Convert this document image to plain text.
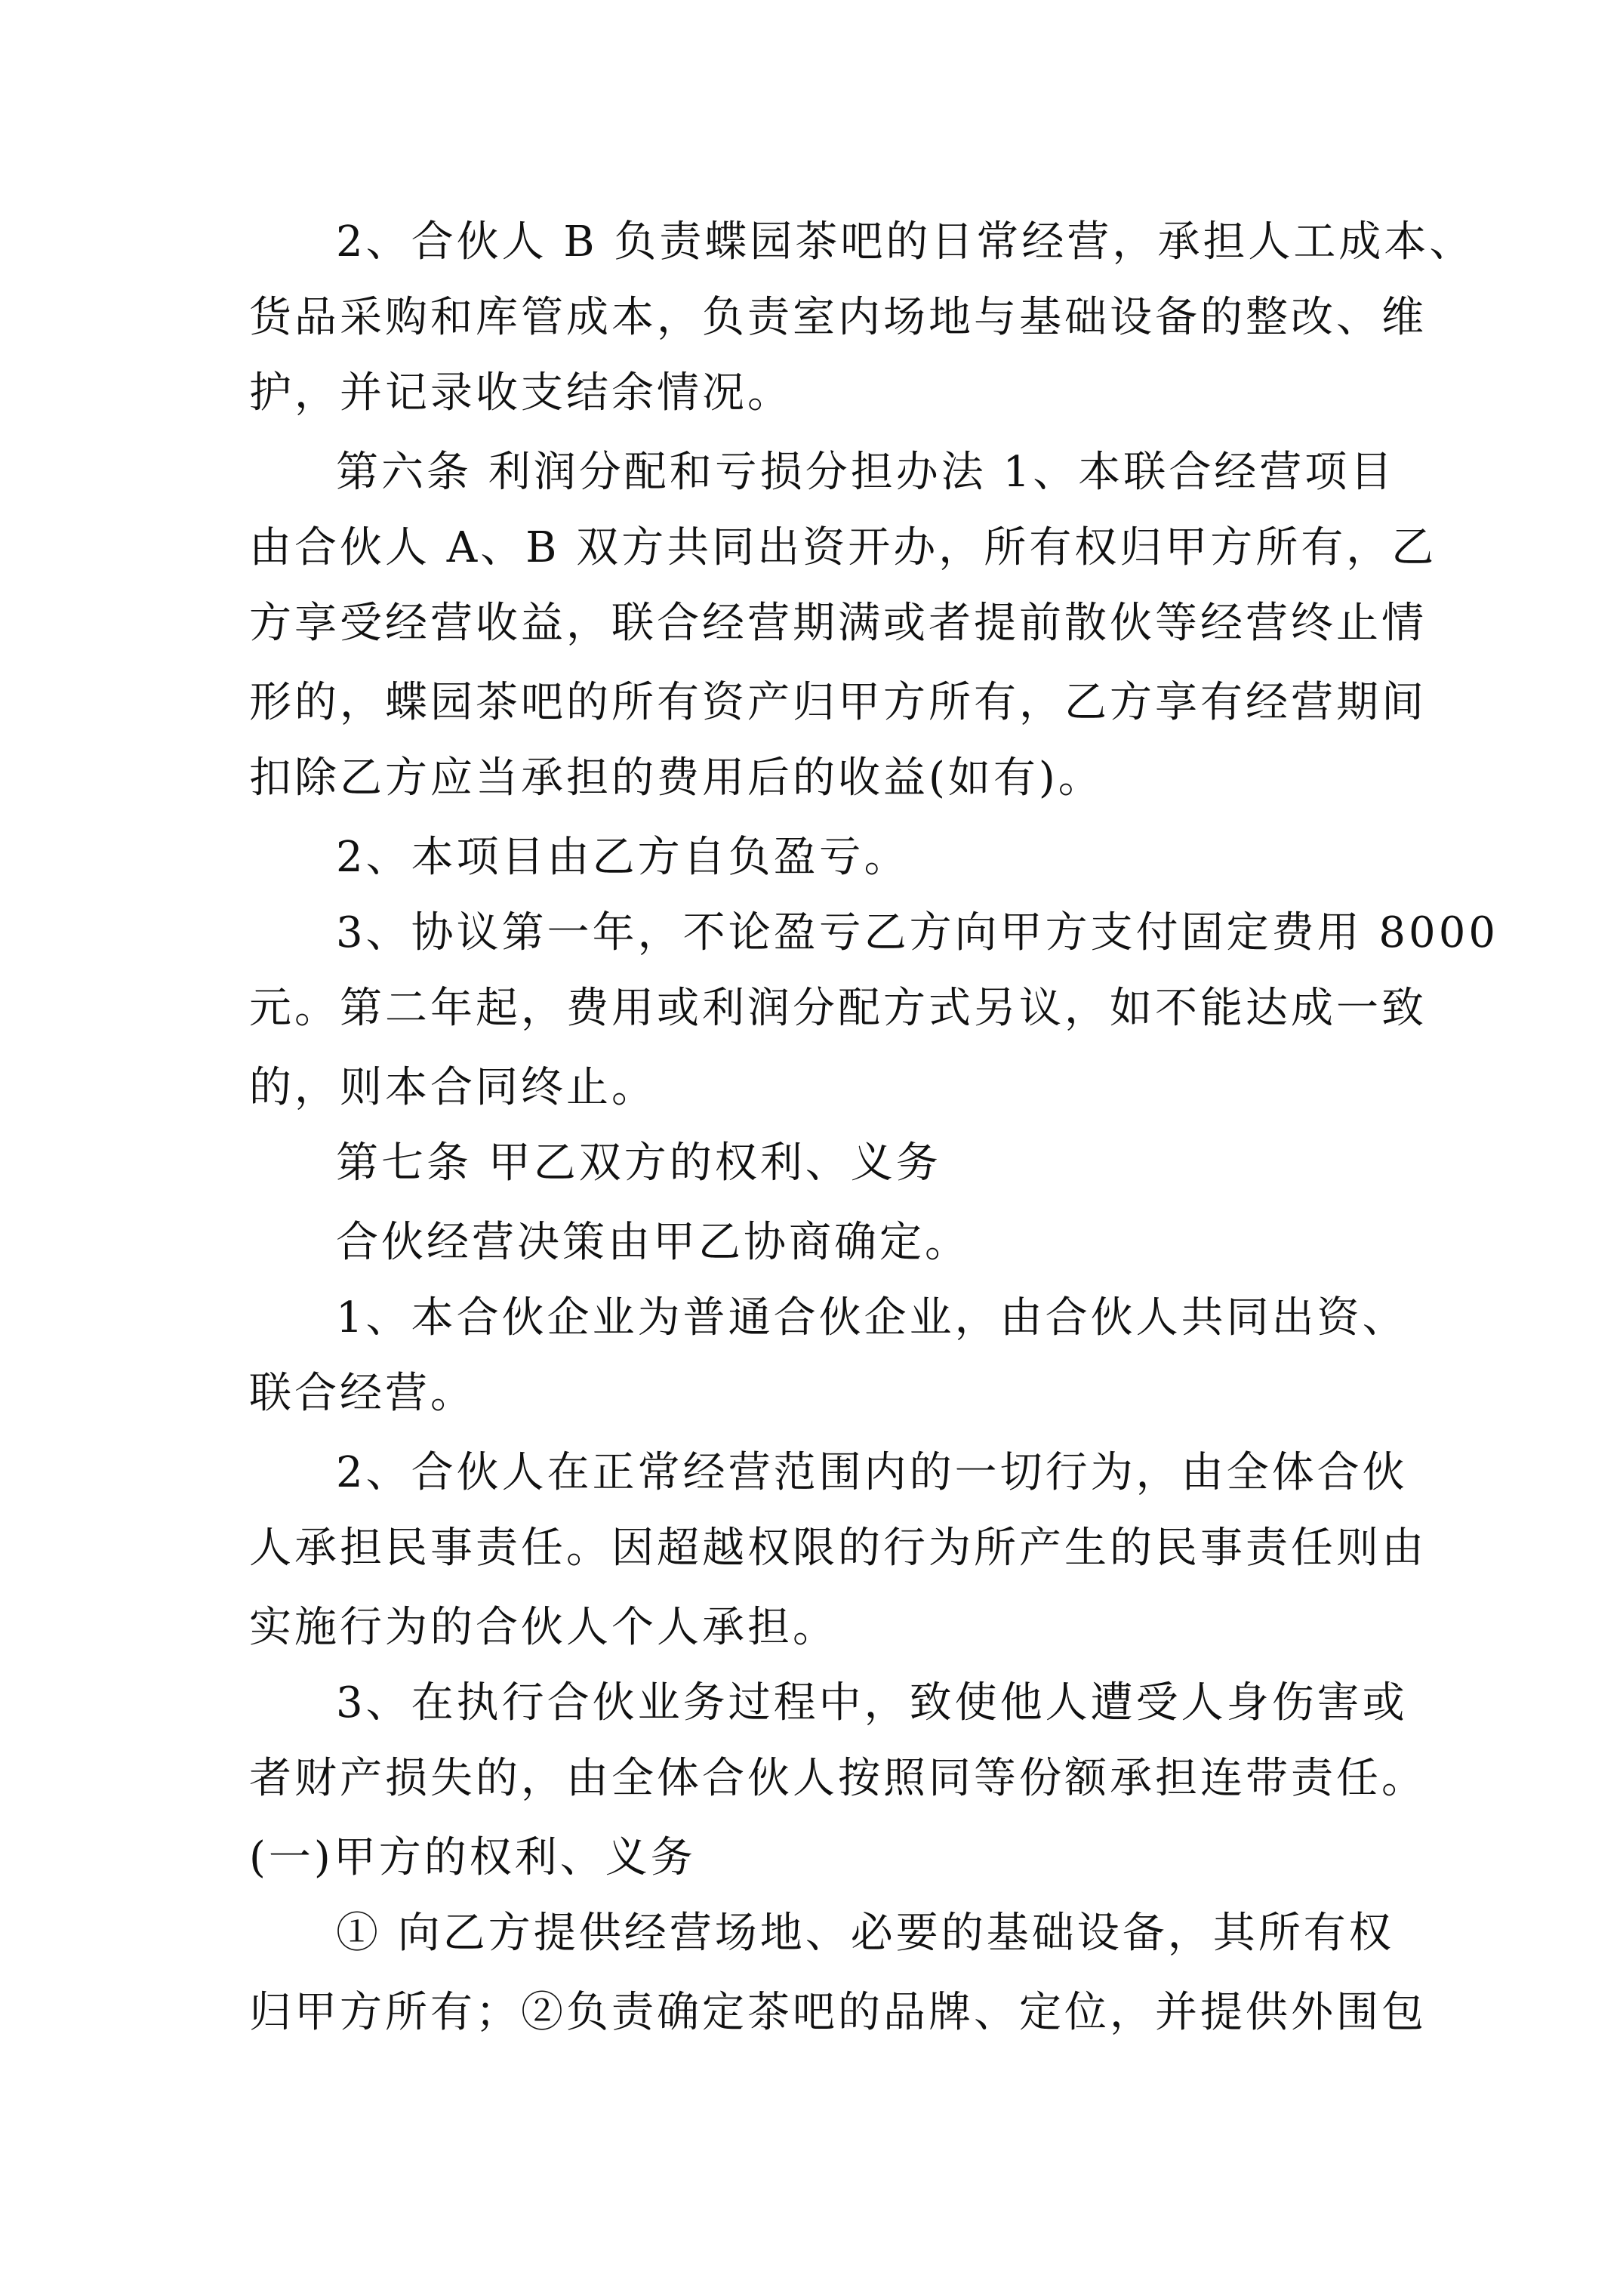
2、合伙人 B 负责蝶园茶吧的日常经营，承担人工成本、
货品采购和库管成本，负责室内场地与基础设备的整改、维
护，并记录收支结余情况。
第六条 利润分配和亏损分担办法 1、本联合经营项目
由合伙人 A、B 双方共同出资开办，所有权归甲方所有，乙
方享受经营收益，联合经营期满或者提前散伙等经营终止情
形的，蝶园茶吧的所有资产归甲方所有，乙方享有经营期间
扣除乙方应当承担的费用后的收益(如有)。
2、本项目由乙方自负盈亏。
3、协议第一年，不论盈亏乙方向甲方支付固定费用 8000
元。第二年起，费用或利润分配方式另议，如不能达成一致
的，则本合同终止。
第七条 甲乙双方的权利、义务
合伙经营决策由甲乙协商确定。
1、本合伙企业为普通合伙企业，由合伙人共同出资、
联合经营。
2、合伙人在正常经营范围内的一切行为，由全体合伙
人承担民事责任。因超越权限的行为所产生的民事责任则由
实施行为的合伙人个人承担。
3、在执行合伙业务过程中，致使他人遭受人身伤害或
者财产损失的，由全体合伙人按照同等份额承担连带责任。
(一)甲方的权利、义务
① 向乙方提供经营场地、必要的基础设备，其所有权
归甲方所有；②负责确定茶吧的品牌、定位，并提供外围包
